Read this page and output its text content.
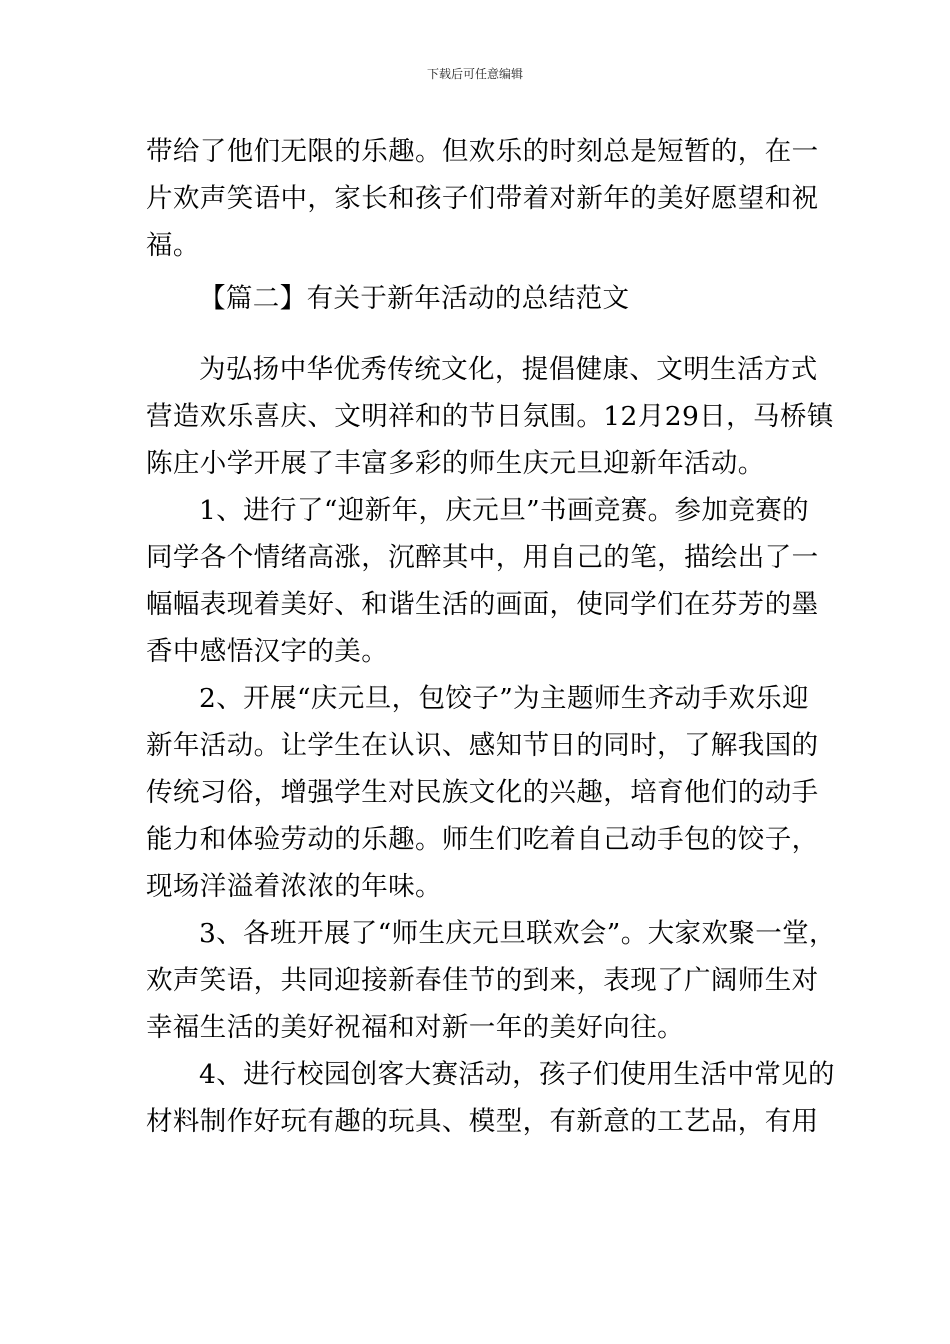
下载后可任意编辑
带给了他们无限的乐趣。但欢乐的时刻总是短暂的，在一
片欢声笑语中，家长和孩子们带着对新年的美好愿望和祝
福。
【篇二】有关于新年活动的总结范文
为弘扬中华优秀传统文化，提倡健康、文明生活方式
营造欢乐喜庆、文明祥和的节日氛围。12月29日，马桥镇
陈庄小学开展了丰富多彩的师生庆元旦迎新年活动。
1、进行了“迎新年，庆元旦”书画竞赛。参加竞赛的
同学各个情绪高涨，沉醉其中，用自己的笔，描绘出了一
幅幅表现着美好、和谐生活的画面，使同学们在芬芳的墨
香中感悟汉字的美。
2、开展“庆元旦，包饺子”为主题师生齐动手欢乐迎
新年活动。让学生在认识、感知节日的同时，了解我国的
传统习俗，增强学生对民族文化的兴趣，培育他们的动手
能力和体验劳动的乐趣。师生们吃着自己动手包的饺子，
现场洋溢着浓浓的年味。
3、各班开展了“师生庆元旦联欢会”。大家欢聚一堂，
欢声笑语，共同迎接新春佳节的到来，表现了广阔师生对
幸福生活的美好祝福和对新一年的美好向往。
4、进行校园创客大赛活动，孩子们使用生活中常见的
材料制作好玩有趣的玩具、模型，有新意的工艺品，有用
